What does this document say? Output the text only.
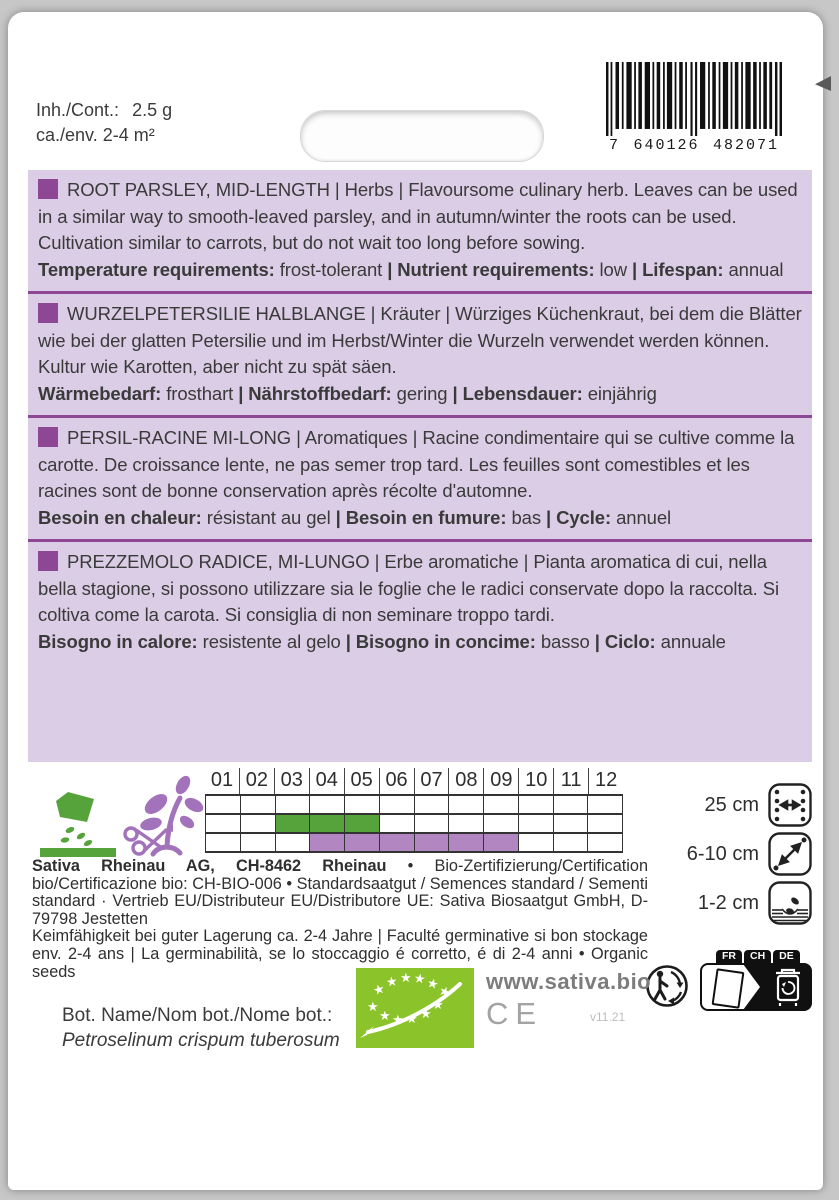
Inh./Cont.: 2.5 g
ca./env. 2-4 m²
7 640126 482071

ROOT PARSLEY, MID-LENGTH | Herbs | Flavoursome culinary herb. Leaves can be used in a similar way to smooth-leaved parsley, and in autumn/winter the roots can be used. Cultivation similar to carrots, but do not wait too long before sowing.

Temperature requirements: frost-tolerant | Nutrient requirements: low | Lifespan: annual

WURZELPETERSILIE HALBLANGE | Kräuter | Würziges Küchenkraut, bei dem die Blätter wie bei der glatten Petersilie und im Herbst/Winter die Wurzeln verwendet werden können. Kultur wie Karotten, aber nicht zu spät säen.

Wärmebedarf: frosthart | Nährstoffbedarf: gering | Lebensdauer: einjährig

PERSIL-RACINE MI-LONG | Aromatiques | Racine condimentaire qui se cultive comme la carotte. De croissance lente, ne pas semer trop tard. Les feuilles sont comestibles et les racines sont de bonne conservation après récolte d'automne.

Besoin en chaleur: résistant au gel | Besoin en fumure: bas | Cycle: annuel

PREZZEMOLO RADICE, MI-LUNGO | Erbe aromatiche | Pianta aromatica di cui, nella bella stagione, si possono utilizzare sia le foglie che le radici conservate dopo la raccolta. Si coltiva come la carota. Si consiglia di non seminare troppo tardi.

Bisogno in calore: resistente al gelo | Bisogno in concime: basso | Ciclo: annuale

01 02 03 04 05 06 07 08 09 10 11 12

Sativa Rheinau AG, CH-8462 Rheinau • Bio-Zertifizierung/Certification bio/Certificazione bio: CH-BIO-006 • Standardsaatgut / Semences standard / Sementi standard · Vertrieb EU/Distributeur EU/Distributore UE: Sativa Biosaatgut GmbH, D-79798 Jestetten

Keimfähigkeit bei guter Lagerung ca. 2-4 Jahre | Faculté germinative si bon stockage env. 2-4 ans | La germinabilità, se lo stoccaggio é corretto, é di 2-4 anni • Organic seeds

25 cm
6-10 cm
1-2 cm
FR	CH	DE
★
★ ★ ★
★
★
★
★
★
★
★
★
www.sativa.bio
CE	v11.21
Bot. Name/Nom bot./Nome bot.:
Petroselinum crispum tuberosum
